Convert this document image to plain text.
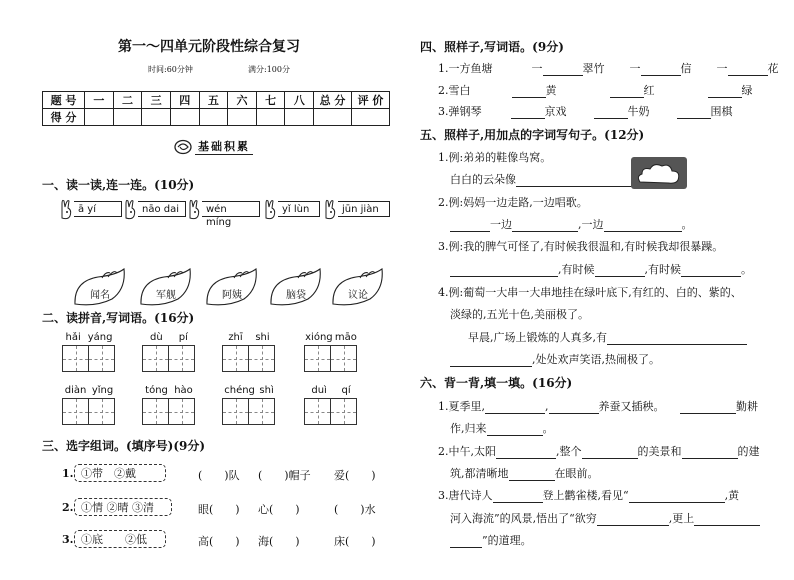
第一～四单元阶段性综合复习
时间:60分钟	满分:100分
题 号	一	二	三	四	五	六	七	八	总 分	评 价
得 分										
基础积累
一、读一读,连一连。(10分)
ā yí	nāo dai	wén míng
yǐ lùn	jūn jiàn
闻名	军舰	阿姨	脑袋	议论
二、读拼音,写词语。(16分)
hǎi yáng	dù pí	zhī shi	xióng māo
diàn yǐng	tóng hào	chéng shì	duì qí
三、选字组词。(填序号)(9分)
1. ①带　②戴	(　　)队 (　　)帽子 爱(　　)
2. ①情 ②晴 ③清	眼(　　) 心(　　)	(　　)水
3. ①底　　②低	高(　　) 海(　　)	床(　　)
四、照样子,写词语。(9分)
1.一方鱼塘	一	翠竹 一	信 一	花
2.雪白	黄	红	绿
3.弹钢琴	京戏	牛奶	围棋
五、照样子,用加点的字词写句子。(12分)
1.例:弟弟的鞋像鸟窝。
白白的云朵像
2.例:妈妈一边走路,一边唱歌。
一边	,一边	。
3.例:我的脾气可怪了,有时候我很温和,有时候我却很暴躁。
,有时候	,有时候	。
4.例:葡萄一大串一大串地挂在绿叶底下,有红的、白的、紫的、
淡绿的,五光十色,美丽极了。
早晨,广场上锻炼的人真多,有
,处处欢声笑语,热闹极了。
六、背一背,填一填。(16分)
1.夏季里,	,	养蚕又插秧。	勤耕
作,归来	。
2.中午,太阳	,整个	的美景和	的建
筑,都清晰地	在眼前。
3.唐代诗人	登上鹳雀楼,看见“	,黄
河入海流”的风景,悟出了“欲穷	,更上
”的道理。
